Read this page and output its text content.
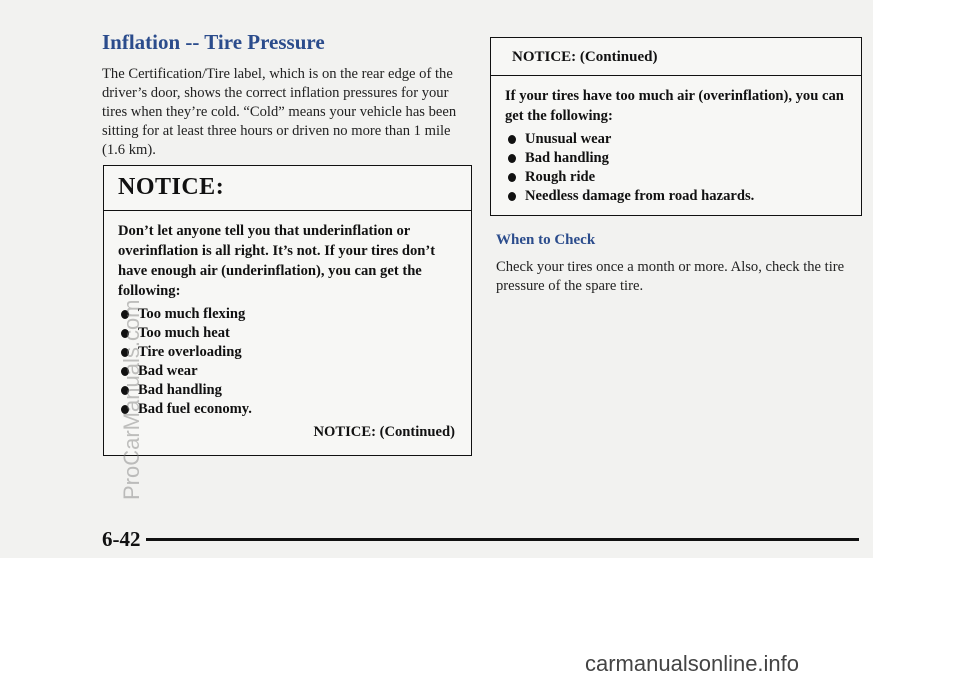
Inflation -- Tire Pressure

The Certification/Tire label, which is on the rear edge of the driver’s door, shows the correct inflation pressures for your tires when they’re cold. “Cold” means your vehicle has been sitting for at least three hours or driven no more than 1 mile (1.6 km).

NOTICE:

Don’t let anyone tell you that underinflation or overinflation is all right. It’s not. If your tires don’t have enough air (underinflation), you can get the following:

Too much flexing
Too much heat
Tire overloading
Bad wear
Bad handling
Bad fuel economy.
NOTICE: (Continued)
NOTICE: (Continued)

If your tires have too much air (overinflation), you can get the following:

Unusual wear
Bad handling
Rough ride
Needless damage from road hazards.
When to Check

Check your tires once a month or more. Also, check the tire pressure of the spare tire.

6-42
ProCarManuals.com
carmanualsonline.info
